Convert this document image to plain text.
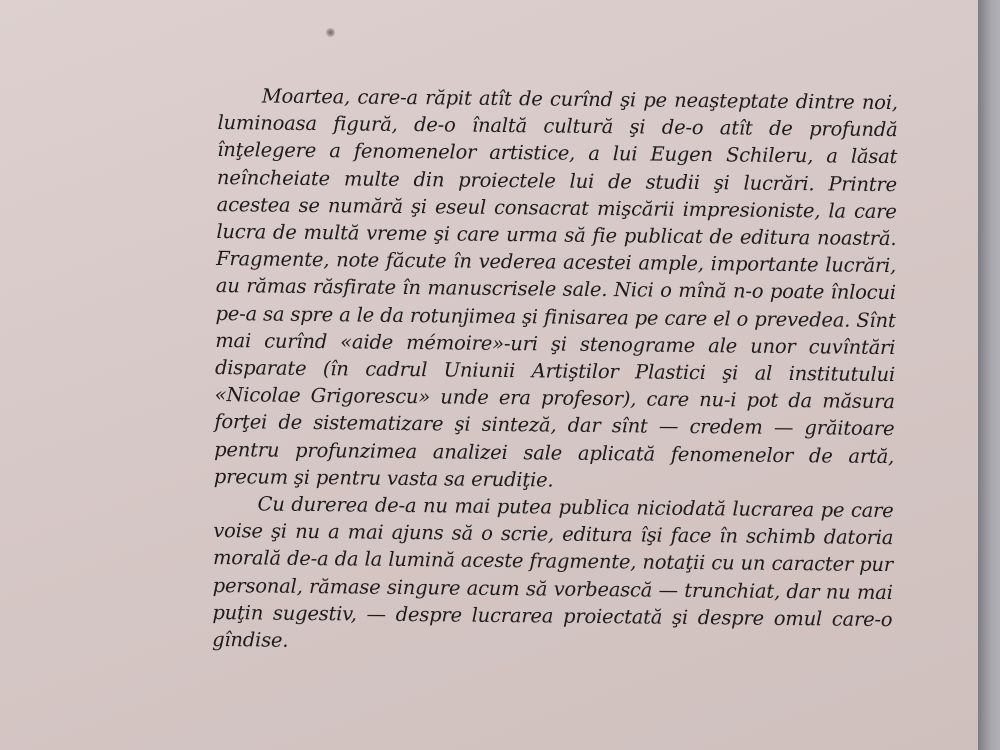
Moartea, care-a răpit atît de curînd şi pe neaşteptate dintre noi, luminoasa figură, de-o înaltă cultură şi de-o atît de profundă înţelegere a fenomenelor artistice, a lui Eugen Schileru, a lăsat neîncheiate multe din proiectele lui de studii şi lucrări. Printre acestea se numără şi eseul consacrat mişcării impresioniste, la care lucra de multă vreme şi care urma să fie publicat de editura noastră. Fragmente, note făcute în vederea acestei ample, importante lucrări, au rămas răsfirate în manuscrisele sale. Nici o mînă n-o poate înlocui pe-a sa spre a le da rotunjimea şi finisarea pe care el o prevedea. Sînt mai curînd «aide mémoire»-uri şi stenograme ale unor cuvîntări disparate (în cadrul Uniunii Artiştilor Plastici şi al institutului «Nicolae Grigorescu» unde era profesor), care nu-i pot da măsura forţei de sistematizare şi sinteză, dar sînt — credem — grăitoare pentru profunzimea analizei sale aplicată fenomenelor de artă, precum şi pentru vasta sa erudiţie.

Cu durerea de-a nu mai putea publica niciodată lucrarea pe care voise şi nu a mai ajuns să o scrie, editura îşi face în schimb datoria morală de-a da la lumină aceste fragmente, notaţii cu un caracter pur personal, rămase singure acum să vorbească — trunchiat, dar nu mai puţin sugestiv, — despre lucrarea proiectată şi despre omul care-o gîndise.
